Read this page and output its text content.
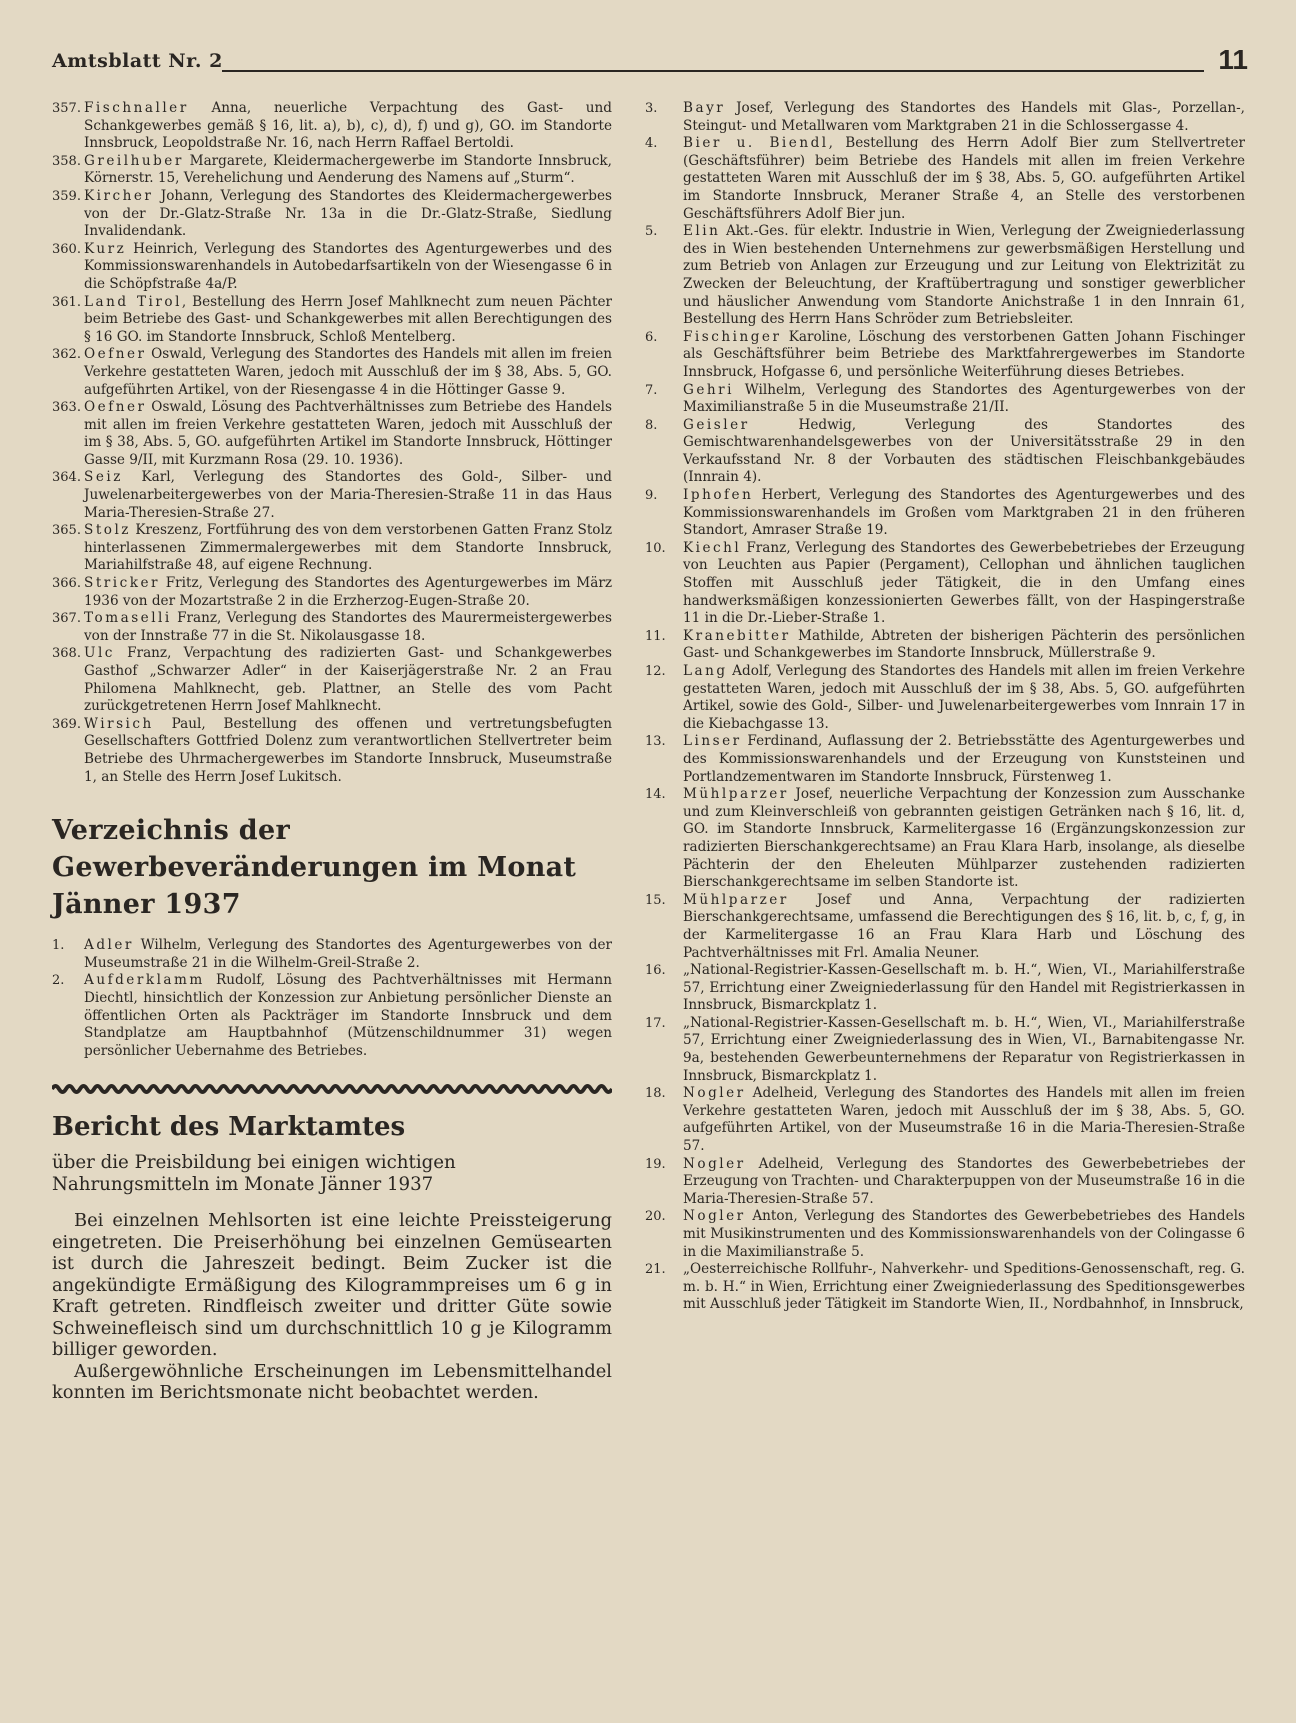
Amtsblatt Nr. 2	11
357. Fischnaller Anna, neuerliche Verpachtung des Gast- und Schankgewerbes gemäß § 16, lit. a), b), c), d), f) und g), GO. im Standorte Innsbruck, Leopoldstraße Nr. 16, nach Herrn Raffael Bertoldi.
358. Greilhuber Margarete, Kleidermachergewerbe im Standorte Innsbruck, Körnerstr. 15, Verehelichung und Aenderung des Namens auf „Sturm“.
359. Kircher Johann, Verlegung des Standortes des Kleidermachergewerbes von der Dr.-Glatz-Straße Nr. 13a in die Dr.-Glatz-Straße, Siedlung Invalidendank.
360. Kurz Heinrich, Verlegung des Standortes des Agenturgewerbes und des Kommissionswarenhandels in Autobedarfsartikeln von der Wiesengasse 6 in die Schöpfstraße 4a/P.
361. Land Tirol, Bestellung des Herrn Josef Mahlknecht zum neuen Pächter beim Betriebe des Gast- und Schankgewerbes mit allen Berechtigungen des § 16 GO. im Standorte Innsbruck, Schloß Mentelberg.
362. Oefner Oswald, Verlegung des Standortes des Handels mit allen im freien Verkehre gestatteten Waren, jedoch mit Ausschluß der im § 38, Abs. 5, GO. aufgeführten Artikel, von der Riesengasse 4 in die Höttinger Gasse 9.
363. Oefner Oswald, Lösung des Pachtverhältnisses zum Betriebe des Handels mit allen im freien Verkehre gestatteten Waren, jedoch mit Ausschluß der im § 38, Abs. 5, GO. aufgeführten Artikel im Standorte Innsbruck, Höttinger Gasse 9/II, mit Kurzmann Rosa (29. 10. 1936).
364. Seiz Karl, Verlegung des Standortes des Gold-, Silber- und Juwelenarbeitergewerbes von der Maria-Theresien-Straße 11 in das Haus Maria-Theresien-Straße 27.
365. Stolz Kreszenz, Fortführung des von dem verstorbenen Gatten Franz Stolz hinterlassenen Zimmermalergewerbes mit dem Standorte Innsbruck, Mariahilfstraße 48, auf eigene Rechnung.
366. Stricker Fritz, Verlegung des Standortes des Agenturgewerbes im März 1936 von der Mozartstraße 2 in die Erzherzog-Eugen-Straße 20.
367. Tomaselli Franz, Verlegung des Standortes des Maurermeistergewerbes von der Innstraße 77 in die St. Nikolausgasse 18.
368. Ulc Franz, Verpachtung des radizierten Gast- und Schankgewerbes Gasthof „Schwarzer Adler“ in der Kaiserjägerstraße Nr. 2 an Frau Philomena Mahlknecht, geb. Plattner, an Stelle des vom Pacht zurückgetretenen Herrn Josef Mahlknecht.
369. Wirsich Paul, Bestellung des offenen und vertretungsbefugten Gesellschafters Gottfried Dolenz zum verantwortlichen Stellvertreter beim Betriebe des Uhrmachergewerbes im Standorte Innsbruck, Museumstraße 1, an Stelle des Herrn Josef Lukitsch.
Verzeichnis der Gewerbeveränderungen im Monat Jänner 1937
1. Adler Wilhelm, Verlegung des Standortes des Agenturgewerbes von der Museumstraße 21 in die Wilhelm-Greil-Straße 2.
2. Aufderklamm Rudolf, Lösung des Pachtverhältnisses mit Hermann Diechtl, hinsichtlich der Konzession zur Anbietung persönlicher Dienste an öffentlichen Orten als Packträger im Standorte Innsbruck und dem Standplatze am Hauptbahnhof (Mützenschildnummer 31) wegen persönlicher Uebernahme des Betriebes.
Bericht des Marktamtes

über die Preisbildung bei einigen wichtigen Nahrungsmitteln im Monate Jänner 1937

Bei einzelnen Mehlsorten ist eine leichte Preissteigerung eingetreten. Die Preiserhöhung bei einzelnen Gemüsearten ist durch die Jahreszeit bedingt. Beim Zucker ist die angekündigte Ermäßigung des Kilogrammpreises um 6 g in Kraft getreten. Rindfleisch zweiter und dritter Güte sowie Schweinefleisch sind um durchschnittlich 10 g je Kilogramm billiger geworden.

Außergewöhnliche Erscheinungen im Lebensmittelhandel konnten im Berichtsmonate nicht beobachtet werden.

3. Bayr Josef, Verlegung des Standortes des Handels mit Glas-, Porzellan-, Steingut- und Metallwaren vom Marktgraben 21 in die Schlossergasse 4.
4. Bier u. Biendl, Bestellung des Herrn Adolf Bier zum Stellvertreter (Geschäftsführer) beim Betriebe des Handels mit allen im freien Verkehre gestatteten Waren mit Ausschluß der im § 38, Abs. 5, GO. aufgeführten Artikel im Standorte Innsbruck, Meraner Straße 4, an Stelle des verstorbenen Geschäftsführers Adolf Bier jun.
5. Elin Akt.-Ges. für elektr. Industrie in Wien, Verlegung der Zweigniederlassung des in Wien bestehenden Unternehmens zur gewerbsmäßigen Herstellung und zum Betrieb von Anlagen zur Erzeugung und zur Leitung von Elektrizität zu Zwecken der Beleuchtung, der Kraftübertragung und sonstiger gewerblicher und häuslicher Anwendung vom Standorte Anichstraße 1 in den Innrain 61, Bestellung des Herrn Hans Schröder zum Betriebsleiter.
6. Fischinger Karoline, Löschung des verstorbenen Gatten Johann Fischinger als Geschäftsführer beim Betriebe des Marktfahrergewerbes im Standorte Innsbruck, Hofgasse 6, und persönliche Weiterführung dieses Betriebes.
7. Gehri Wilhelm, Verlegung des Standortes des Agenturgewerbes von der Maximilianstraße 5 in die Museumstraße 21/II.
8. Geisler Hedwig, Verlegung des Standortes des Gemischtwarenhandelsgewerbes von der Universitätsstraße 29 in den Verkaufsstand Nr. 8 der Vorbauten des städtischen Fleischbankgebäudes (Innrain 4).
9. Iphofen Herbert, Verlegung des Standortes des Agenturgewerbes und des Kommissionswarenhandels im Großen vom Marktgraben 21 in den früheren Standort, Amraser Straße 19.
10. Kiechl Franz, Verlegung des Standortes des Gewerbebetriebes der Erzeugung von Leuchten aus Papier (Pergament), Cellophan und ähnlichen tauglichen Stoffen mit Ausschluß jeder Tätigkeit, die in den Umfang eines handwerksmäßigen konzessionierten Gewerbes fällt, von der Haspingerstraße 11 in die Dr.-Lieber-Straße 1.
11. Kranebitter Mathilde, Abtreten der bisherigen Pächterin des persönlichen Gast- und Schankgewerbes im Standorte Innsbruck, Müllerstraße 9.
12. Lang Adolf, Verlegung des Standortes des Handels mit allen im freien Verkehre gestatteten Waren, jedoch mit Ausschluß der im § 38, Abs. 5, GO. aufgeführten Artikel, sowie des Gold-, Silber- und Juwelenarbeitergewerbes vom Innrain 17 in die Kiebachgasse 13.
13. Linser Ferdinand, Auflassung der 2. Betriebsstätte des Agenturgewerbes und des Kommissionswarenhandels und der Erzeugung von Kunststeinen und Portlandzementwaren im Standorte Innsbruck, Fürstenweg 1.
14. Mühlparzer Josef, neuerliche Verpachtung der Konzession zum Ausschanke und zum Kleinverschleiß von gebrannten geistigen Getränken nach § 16, lit. d, GO. im Standorte Innsbruck, Karmelitergasse 16 (Ergänzungskonzession zur radizierten Bierschankgerechtsame) an Frau Klara Harb, insolange, als dieselbe Pächterin der den Eheleuten Mühlparzer zustehenden radizierten Bierschankgerechtsame im selben Standorte ist.
15. Mühlparzer Josef und Anna, Verpachtung der radizierten Bierschankgerechtsame, umfassend die Berechtigungen des § 16, lit. b, c, f, g, in der Karmelitergasse 16 an Frau Klara Harb und Löschung des Pachtverhältnisses mit Frl. Amalia Neuner.
16. „National-Registrier-Kassen-Gesellschaft m. b. H.“, Wien, VI., Mariahilferstraße 57, Errichtung einer Zweigniederlassung für den Handel mit Registrierkassen in Innsbruck, Bismarckplatz 1.
17. „National-Registrier-Kassen-Gesellschaft m. b. H.“, Wien, VI., Mariahilferstraße 57, Errichtung einer Zweigniederlassung des in Wien, VI., Barnabitengasse Nr. 9a, bestehenden Gewerbeunternehmens der Reparatur von Registrierkassen in Innsbruck, Bismarckplatz 1.
18. Nogler Adelheid, Verlegung des Standortes des Handels mit allen im freien Verkehre gestatteten Waren, jedoch mit Ausschluß der im § 38, Abs. 5, GO. aufgeführten Artikel, von der Museumstraße 16 in die Maria-Theresien-Straße 57.
19. Nogler Adelheid, Verlegung des Standortes des Gewerbebetriebes der Erzeugung von Trachten- und Charakterpuppen von der Museumstraße 16 in die Maria-Theresien-Straße 57.
20. Nogler Anton, Verlegung des Standortes des Gewerbebetriebes des Handels mit Musikinstrumenten und des Kommissionswarenhandels von der Colingasse 6 in die Maximilianstraße 5.
21. „Oesterreichische Rollfuhr-, Nahverkehr- und Speditions-Genossenschaft, reg. G. m. b. H.“ in Wien, Errichtung einer Zweigniederlassung des Speditionsgewerbes mit Ausschluß jeder Tätigkeit im Standorte Wien, II., Nordbahnhof, in Innsbruck,
